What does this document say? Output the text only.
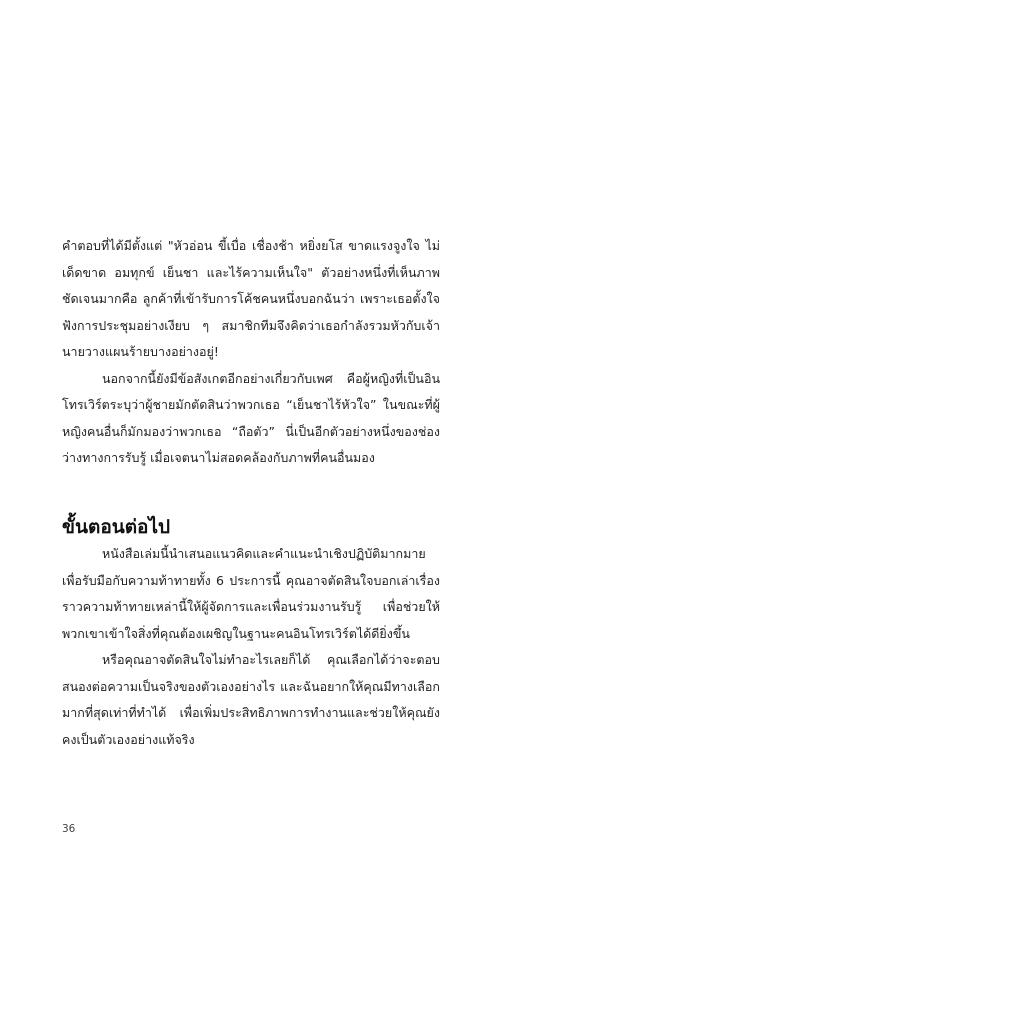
คำตอบที่ได้มีตั้งแต่ "หัวอ่อน ขี้เบื่อ เชื่องช้า หยิ่งยโส ขาดแรงจูงใจ ไม่เด็ดขาด อมทุกข์ เย็นชา และไร้ความเห็นใจ" ตัวอย่างหนึ่งที่เห็นภาพชัดเจนมากคือ ลูกค้าที่เข้ารับการโค้ชคนหนึ่งบอกฉันว่า เพราะเธอตั้งใจฟังการประชุมอย่างเงียบ ๆ สมาชิกทีมจึงคิดว่าเธอกำลังรวมหัวกับเจ้านายวางแผนร้ายบางอย่างอยู่!

นอกจากนี้ยังมีข้อสังเกตอีกอย่างเกี่ยวกับเพศ คือผู้หญิงที่เป็นอินโทรเวิร์ตระบุว่าผู้ชายมักตัดสินว่าพวกเธอ “เย็นชาไร้หัวใจ” ในขณะที่ผู้หญิงคนอื่นก็มักมองว่าพวกเธอ “ถือตัว” นี่เป็นอีกตัวอย่างหนึ่งของช่องว่างทางการรับรู้ เมื่อเจตนาไม่สอดคล้องกับภาพที่คนอื่นมอง

ขั้นตอนต่อไป

หนังสือเล่มนี้นำเสนอแนวคิดและคำแนะนำเชิงปฏิบัติมากมายเพื่อรับมือกับความท้าทายทั้ง 6 ประการนี้ คุณอาจตัดสินใจบอกเล่าเรื่องราวความท้าทายเหล่านี้ให้ผู้จัดการและเพื่อนร่วมงานรับรู้ เพื่อช่วยให้พวกเขาเข้าใจสิ่งที่คุณต้องเผชิญในฐานะคนอินโทรเวิร์ตได้ดียิ่งขึ้น

หรือคุณอาจตัดสินใจไม่ทำอะไรเลยก็ได้ คุณเลือกได้ว่าจะตอบสนองต่อความเป็นจริงของตัวเองอย่างไร และฉันอยากให้คุณมีทางเลือกมากที่สุดเท่าที่ทำได้ เพื่อเพิ่มประสิทธิภาพการทำงานและช่วยให้คุณยังคงเป็นตัวเองอย่างแท้จริง

36
